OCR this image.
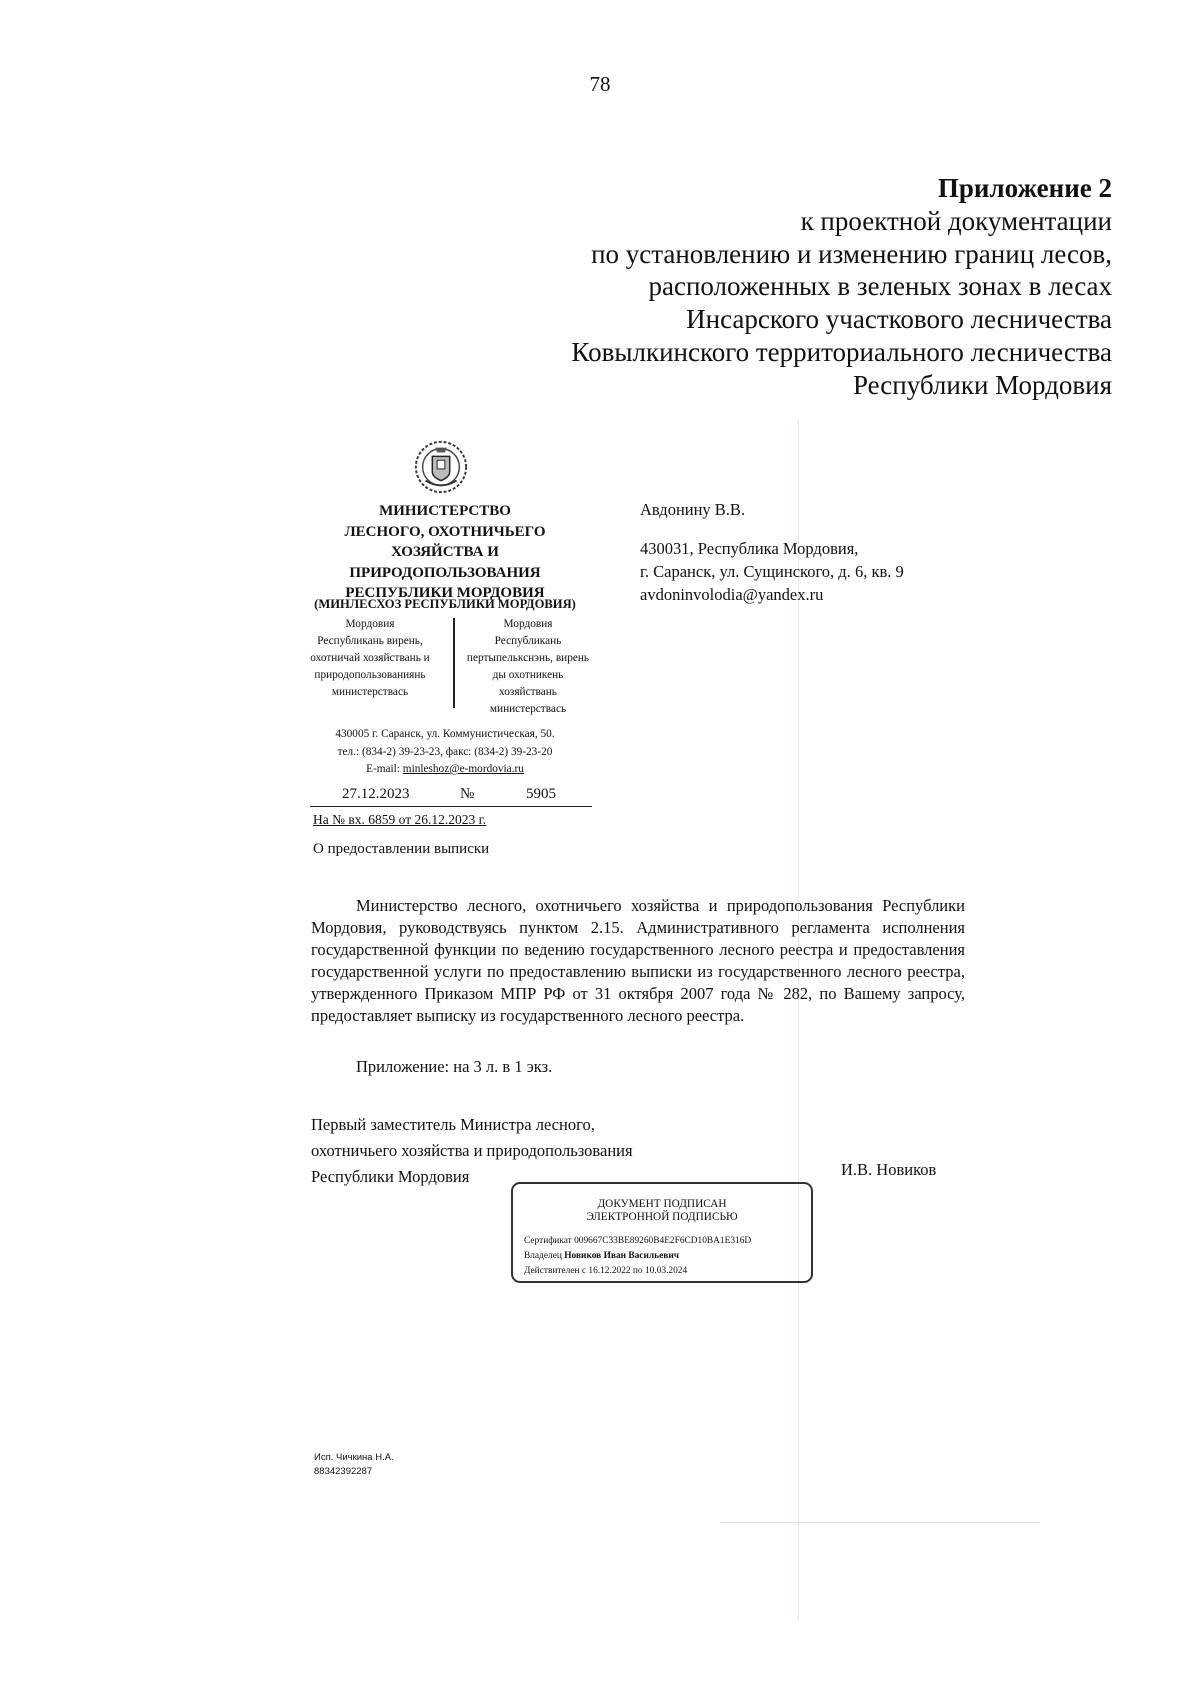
78
Приложение 2
к проектной документации
по установлению и изменению границ лесов,
расположенных в зеленых зонах в лесах
Инсарского участкового лесничества
Ковылкинского территориального лесничества
Республики Мордовия
МИНИСТЕРСТВО
ЛЕСНОГО, ОХОТНИЧЬЕГО
ХОЗЯЙСТВА И
ПРИРОДОПОЛЬЗОВАНИЯ
РЕСПУБЛИКИ МОРДОВИЯ
(МИНЛЕСХОЗ РЕСПУБЛИКИ МОРДОВИЯ)
Мордовия
Республикань вирень,
охотничай хозяйствань и
природопользованиянь
министерствась
Мордовия
Республикань
пертыпелькснэнь, вирень
ды охотникень
хозяйствань
министерствась
430005 г. Саранск, ул. Коммунистическая, 50.
тел.: (834-2) 39-23-23, факс: (834-2) 39-23-20
E-mail: minleshoz@e-mordovia.ru
27.12.2023	№	5905
На № вх. 6859 от 26.12.2023 г.
О предоставлении выписки
Авдонину В.В.
430031, Республика Мордовия,
г. Саранск, ул. Сущинского, д. 6, кв. 9
avdoninvolodia@yandex.ru
Министерство лесного, охотничьего хозяйства и природопользования Республики Мордовия, руководствуясь пунктом 2.15. Административного регламента исполнения государственной функции по ведению государственного лесного реестра и предоставления государственной услуги по предоставлению выписки из государственного лесного реестра, утвержденного Приказом МПР РФ от 31 октября 2007 года № 282, по Вашему запросу, предоставляет выписку из государственного лесного реестра.
Приложение: на 3 л. в 1 экз.
Первый заместитель Министра лесного,
охотничьего хозяйства и природопользования
Республики Мордовия	И.В. Новиков
ДОКУМЕНТ ПОДПИСАН
ЭЛЕКТРОННОЙ ПОДПИСЬЮ
Сертификат 009667C33BE89260B4E2F6CD10BA1E316D
Владелец Новиков Иван Васильевич
Действителен с 16.12.2022 по 10.03.2024
Исп. Чичкина Н.А.
88342392287
